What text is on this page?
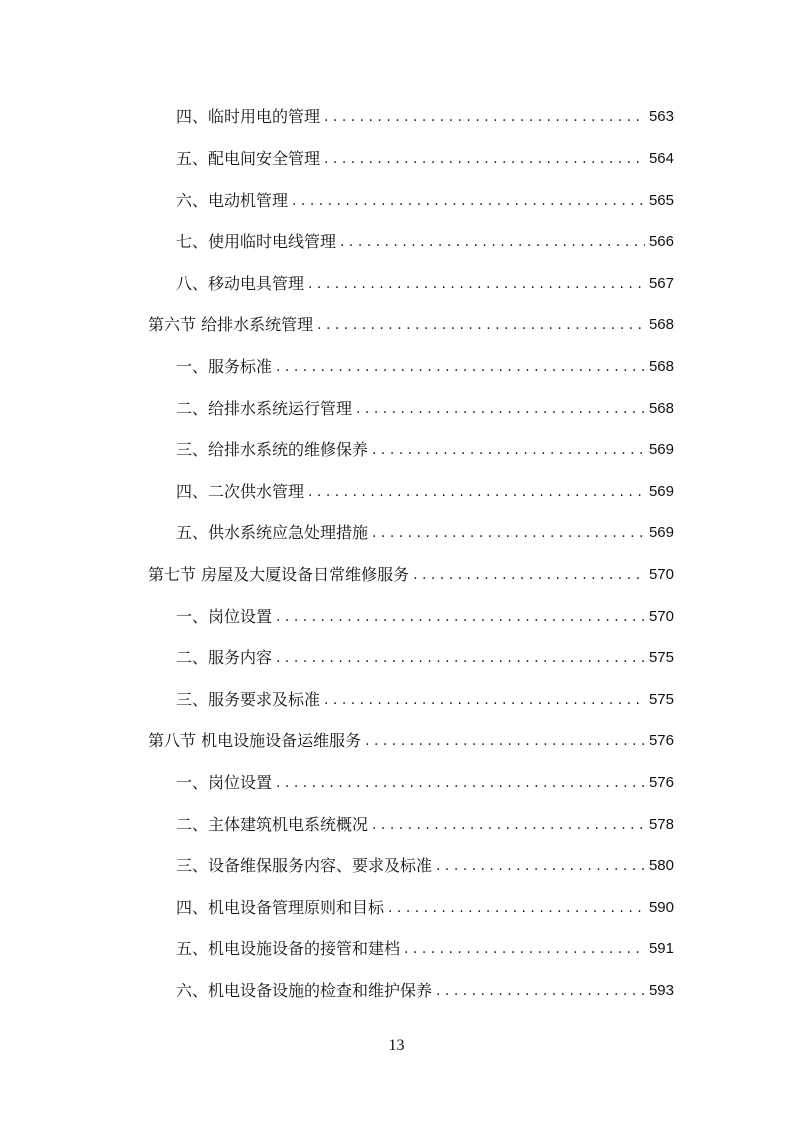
四、临时用电的管理 . . .	563
五、配电间安全管理 . . .	564
六、电动机管理 . . .	565
七、使用临时电线管理 . . .	566
八、移动电具管理 . . .	567
第六节 给排水系统管理 . . .	568
一、服务标准 . . .	568
二、给排水系统运行管理 . . .	568
三、给排水系统的维修保养 . . .	569
四、二次供水管理 . . .	569
五、供水系统应急处理措施 . . .	569
第七节 房屋及大厦设备日常维修服务 . . .	570
一、岗位设置 . . .	570
二、服务内容 . . .	575
三、服务要求及标准 . . .	575
第八节 机电设施设备运维服务 . . .	576
一、岗位设置 . . .	576
二、主体建筑机电系统概况 . . .	578
三、设备维保服务内容、要求及标准 . . .	580
四、机电设备管理原则和目标 . . .	590
五、机电设施设备的接管和建档 . . .	591
六、机电设备设施的检查和维护保养 . . .	593
13
